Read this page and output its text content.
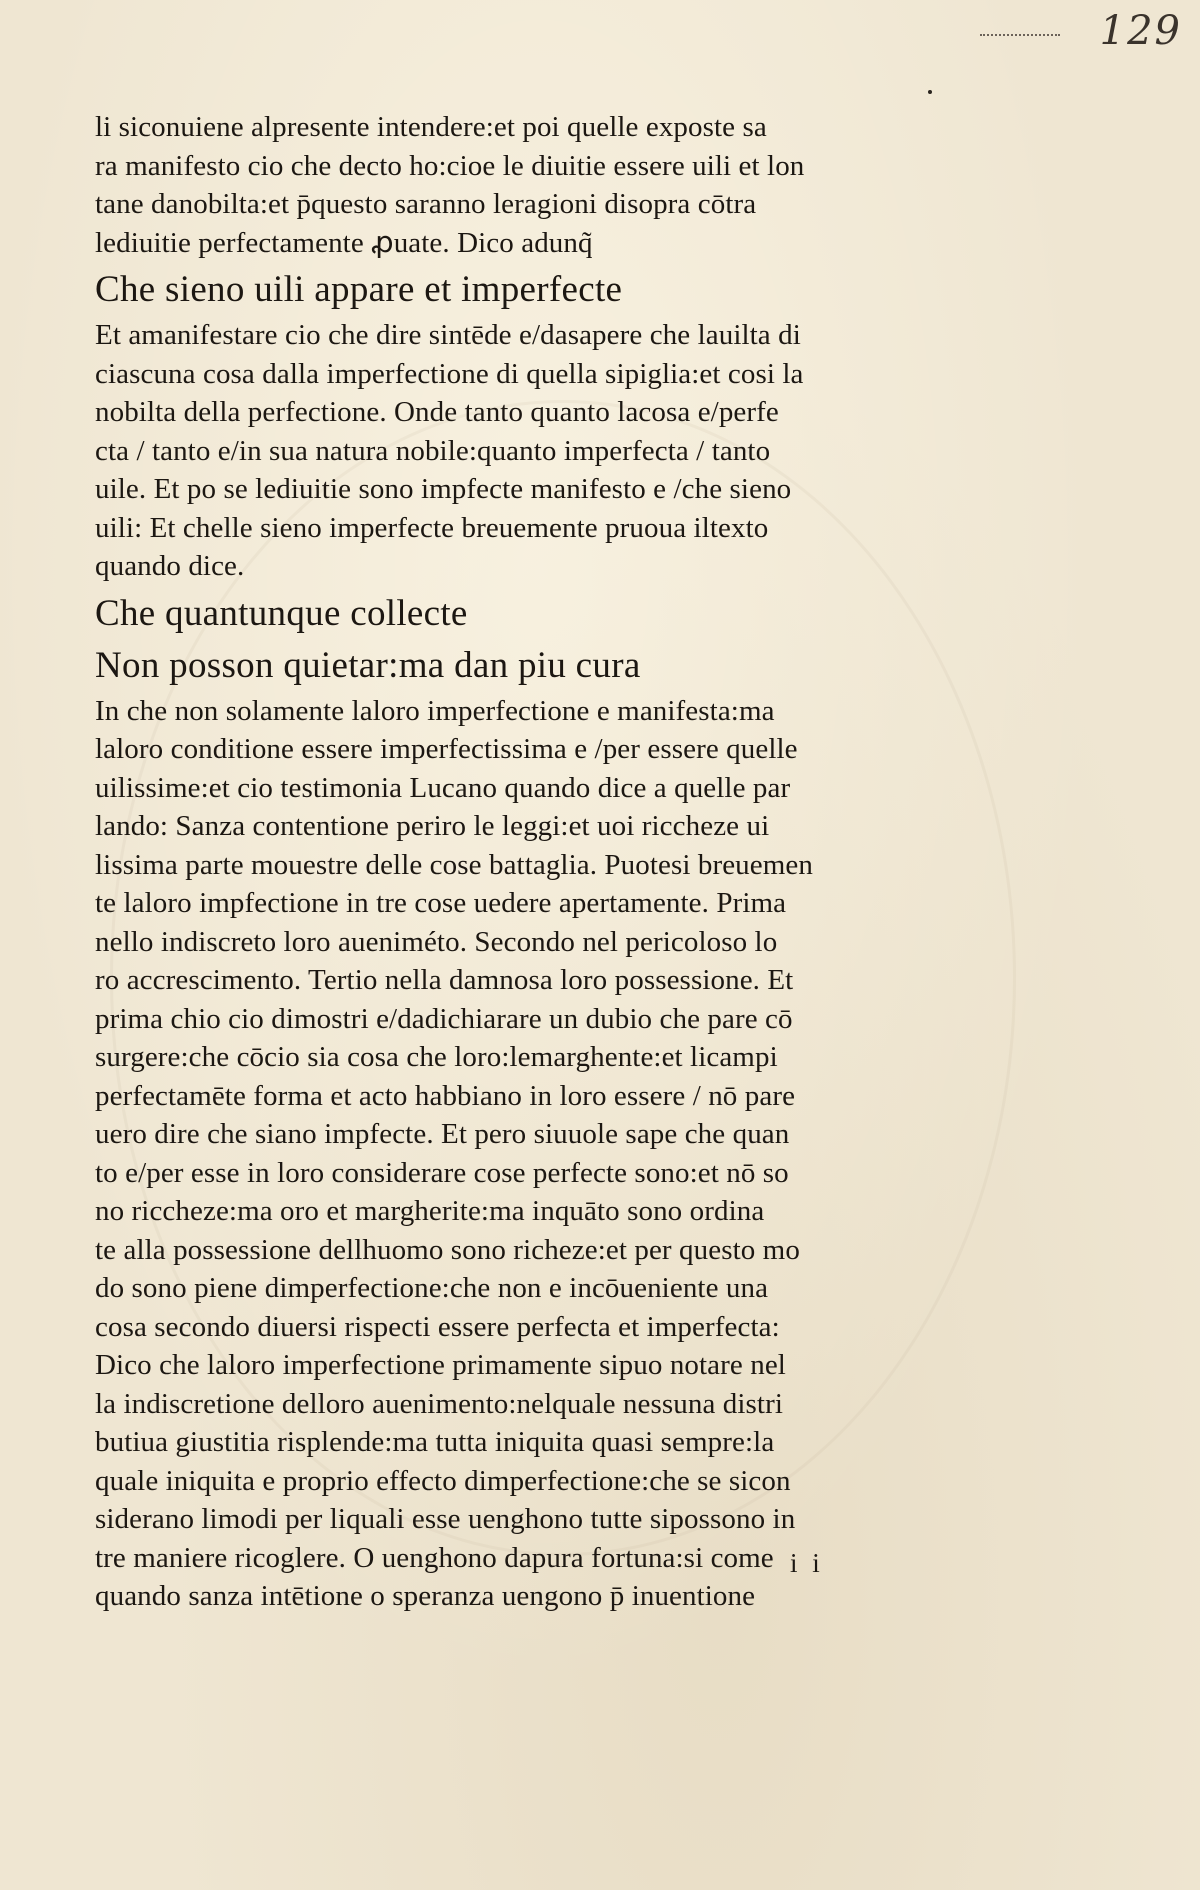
129
li siconuiene alpresente intendere:et poi quelle exposte sa
ra manifesto cio che decto ho:cioe le diuitie essere uili et lon
tane danobilta:et p̄questo saranno leragioni disopra cōtra
lediuitie perfectamente ꝓuate. Dico adunq̃
Che sieno uili appare et imperfecte
Et amanifestare cio che dire sintēde e/dasapere che lauilta di
ciascuna cosa dalla imperfectione di quella sipiglia:et cosi la
nobilta della perfectione. Onde tanto quanto lacosa e/perfe
cta / tanto e/in sua natura nobile:quanto imperfecta / tanto
uile. Et po se lediuitie sono impfecte manifesto e /che sieno
uili: Et chelle sieno imperfecte breuemente pruoua iltexto
quando dice.
Che quantunque collecte
Non posson quietar:ma dan piu cura
In che non solamente laloro imperfectione e manifesta:ma
laloro conditione essere imperfectissima e /per essere quelle
uilissime:et cio testimonia Lucano quando dice a quelle par
lando: Sanza contentione periro le leggi:et uoi riccheze ui
lissima parte mouestre delle cose battaglia. Puotesi breuemen
te laloro impfectione in tre cose uedere apertamente. Prima
nello indiscreto loro aueniméto. Secondo nel pericoloso lo
ro accrescimento. Tertio nella damnosa loro possessione. Et
prima chio cio dimostri e/dadichiarare un dubio che pare cō
surgere:che cōcio sia cosa che loro:lemarghente:et licampi
perfectamēte forma et acto habbiano in loro essere / nō pare
uero dire che siano impfecte. Et pero siuuole sape che quan
to e/per esse in loro considerare cose perfecte sono:et nō so
no riccheze:ma oro et margherite:ma inquāto sono ordina
te alla possessione dellhuomo sono richeze:et per questo mo
do sono piene dimperfectione:che non e incōueniente una
cosa secondo diuersi rispecti essere perfecta et imperfecta:
Dico che laloro imperfectione primamente sipuo notare nel
la indiscretione delloro auenimento:nelquale nessuna distri
butiua giustitia risplende:ma tutta iniquita quasi sempre:la
quale iniquita e proprio effecto dimperfectione:che se sicon
siderano limodi per liquali esse uenghono tutte sipossono in
tre maniere ricoglere. O uenghono dapura fortuna:si come
quando sanza intētione o speranza uengono p̄ inuentione
i i
